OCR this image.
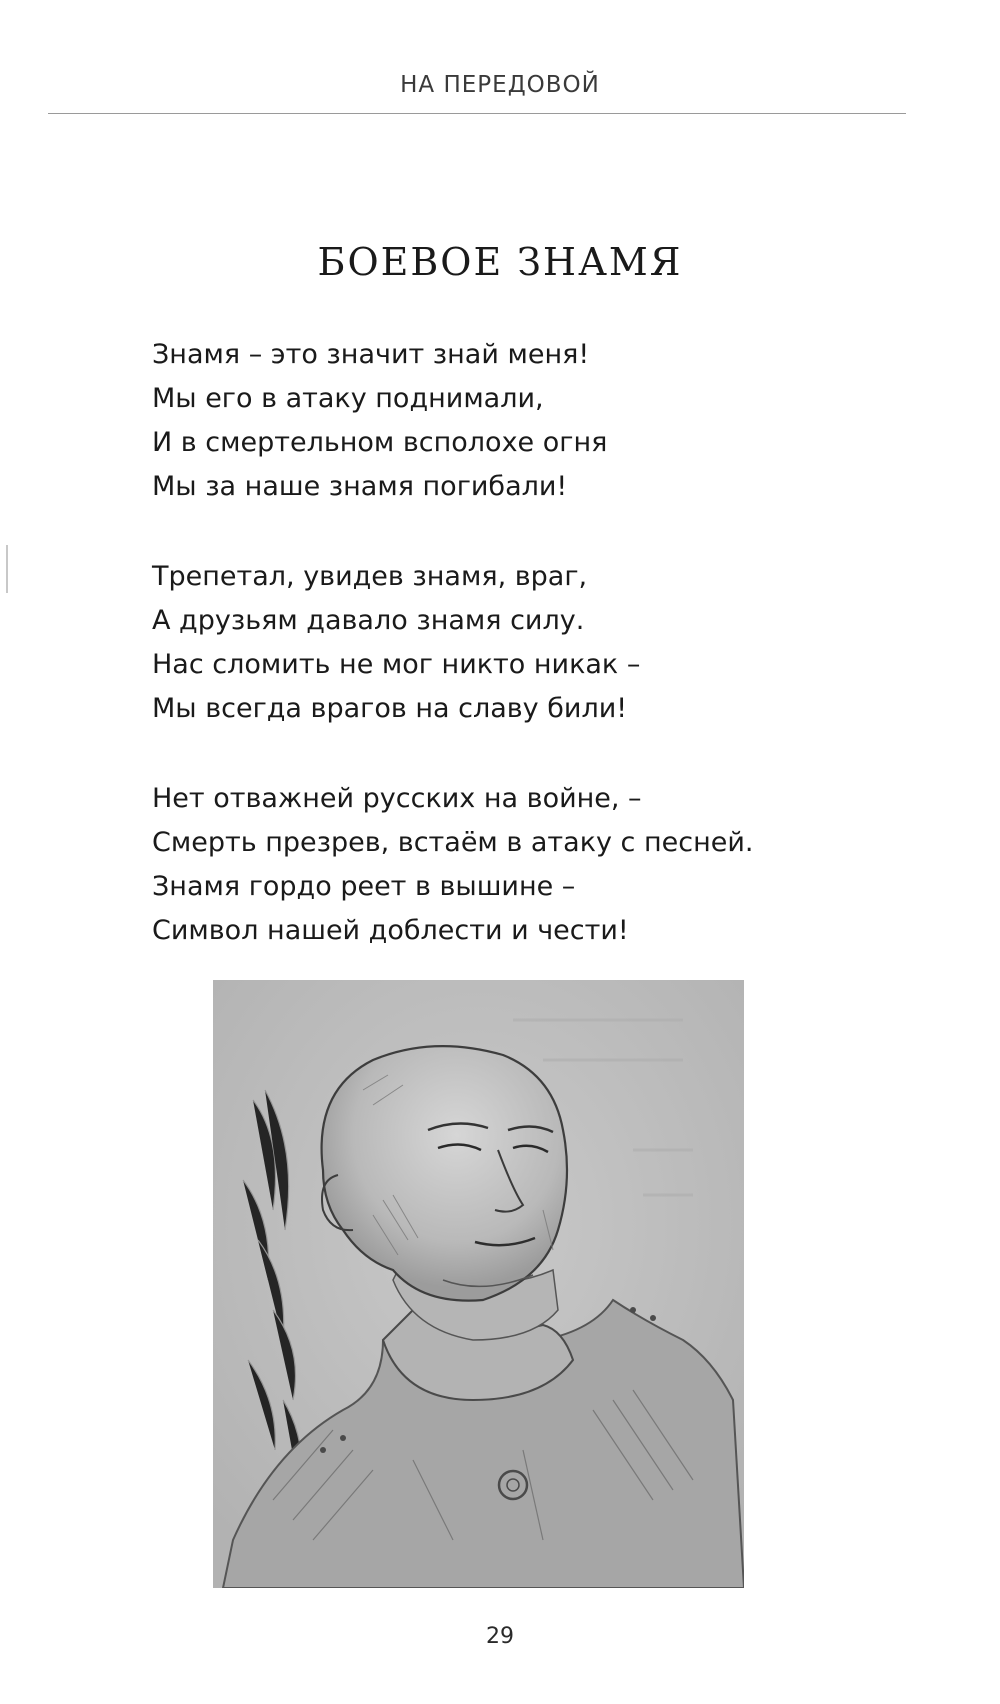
НА ПЕРЕДОВОЙ
БОЕВОЕ ЗНАМЯ
Знамя – это значит знай меня!
Мы его в атаку поднимали,
И в смертельном всполохе огня
Мы за наше знамя погибали!
Трепетал, увидев знамя, враг,
А друзьям давало знамя силу.
Нас сломить не мог никто никак –
Мы всегда врагов на славу били!
Нет отважней русских на войне, –
Смерть презрев, встаём в атаку с песней.
Знамя гордо реет в вышине –
Символ нашей доблести и чести!
29
